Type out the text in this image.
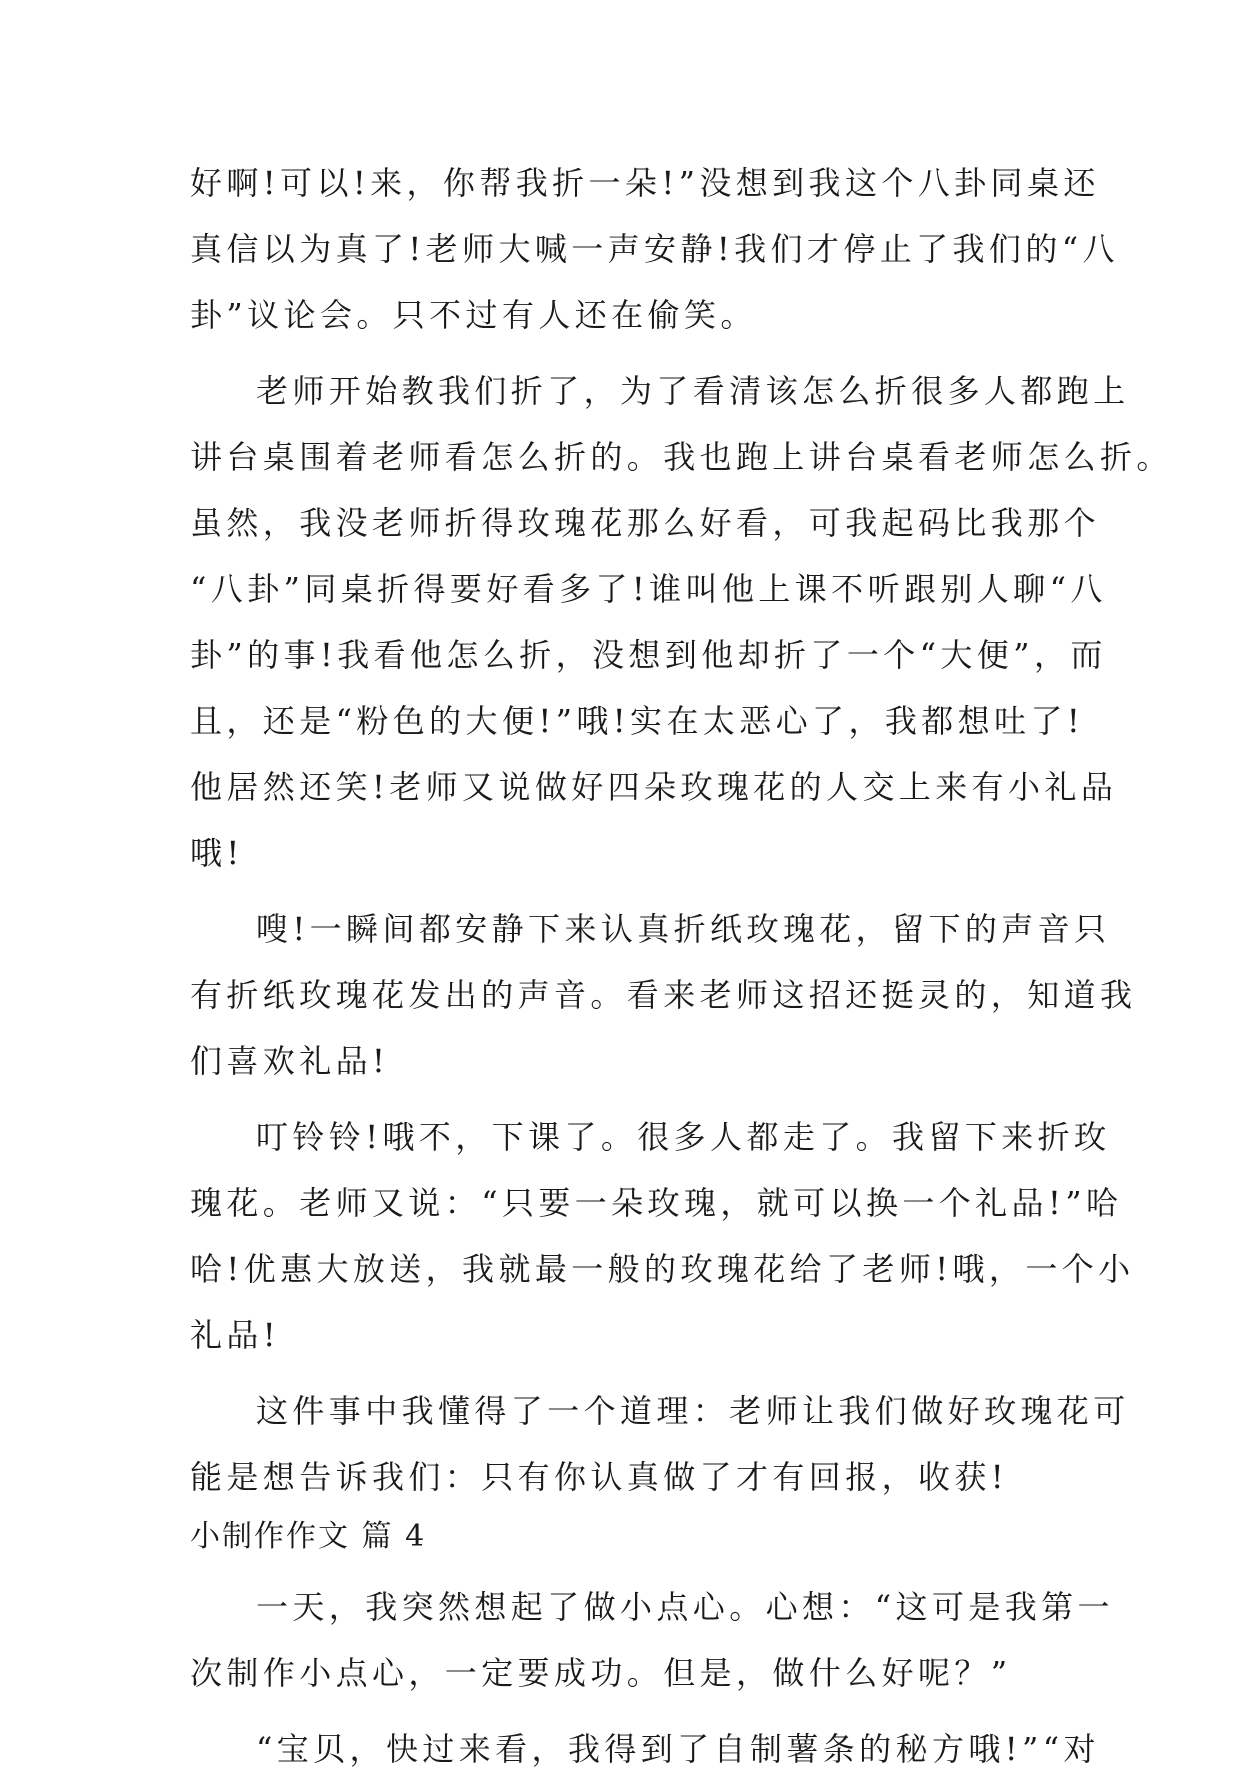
好啊!可以!来，你帮我折一朵!”没想到我这个八卦同桌还

真信以为真了!老师大喊一声安静!我们才停止了我们的“八

卦”议论会。只不过有人还在偷笑。

老师开始教我们折了，为了看清该怎么折很多人都跑上

讲台桌围着老师看怎么折的。我也跑上讲台桌看老师怎么折。

虽然，我没老师折得玫瑰花那么好看，可我起码比我那个

“八卦”同桌折得要好看多了!谁叫他上课不听跟别人聊“八

卦”的事!我看他怎么折，没想到他却折了一个“大便”，而

且，还是“粉色的大便!”哦!实在太恶心了，我都想吐了!

他居然还笑!老师又说做好四朵玫瑰花的人交上来有小礼品

哦!

嗖!一瞬间都安静下来认真折纸玫瑰花，留下的声音只

有折纸玫瑰花发出的声音。看来老师这招还挺灵的，知道我

们喜欢礼品!

叮铃铃!哦不，下课了。很多人都走了。我留下来折玫

瑰花。老师又说：“只要一朵玫瑰，就可以换一个礼品!”哈

哈!优惠大放送，我就最一般的玫瑰花给了老师!哦，一个小

礼品!

这件事中我懂得了一个道理：老师让我们做好玫瑰花可

能是想告诉我们：只有你认真做了才有回报，收获!

小制作作文 篇 4

一天，我突然想起了做小点心。心想：“这可是我第一

次制作小点心，一定要成功。但是，做什么好呢？”

“宝贝，快过来看，我得到了自制薯条的秘方哦!”“对
